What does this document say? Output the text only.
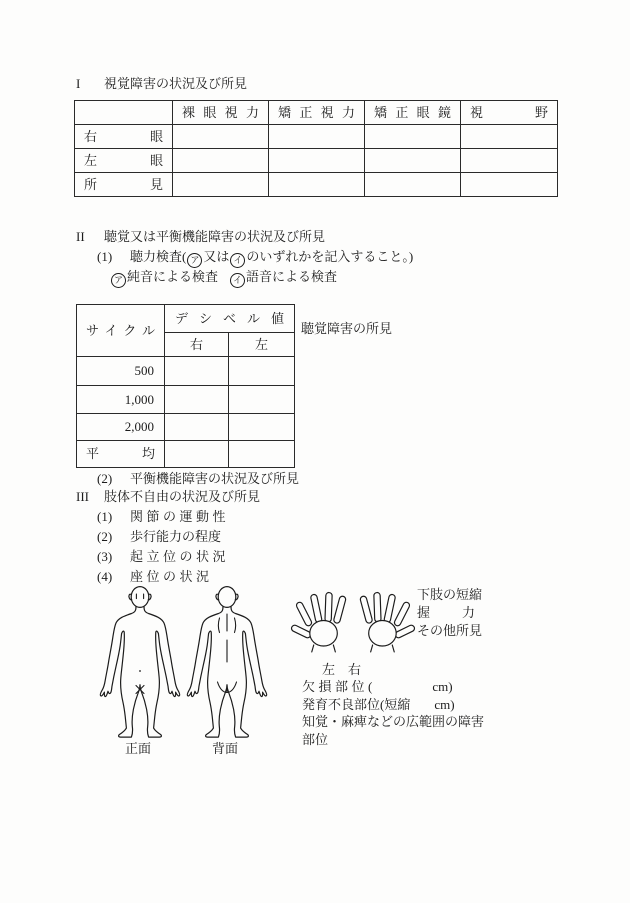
I 視覚障害の状況及び所見
裸 眼 視 力	矯 正 視 力	矯 正 眼 鏡	視 野
右 眼
左 眼
所 見
II 聴覚又は平衡機能障害の状況及び所見
(1) 聴力検査( ア 又は イ のいずれかを記入すること。)
ア 純音による検査 イ 語音による検査
サ イ ク ル
デ シ ベ ル 値
右	左
500
1,000
2,000
平 均
聴覚障害の所見
(2) 平衡機能障害の状況及び所見
III 肢体不自由の状況及び所見
(1) 関節の運動性
(2) 歩行能力の程度
(3) 起立位の状況
(4) 座位の状況
正面	背面
下肢の短縮
握 力
その他所見
左　右
欠損部位(	cm)
発育不良部位(短縮 cm)
知覚・麻痺などの広範囲の障害部位
